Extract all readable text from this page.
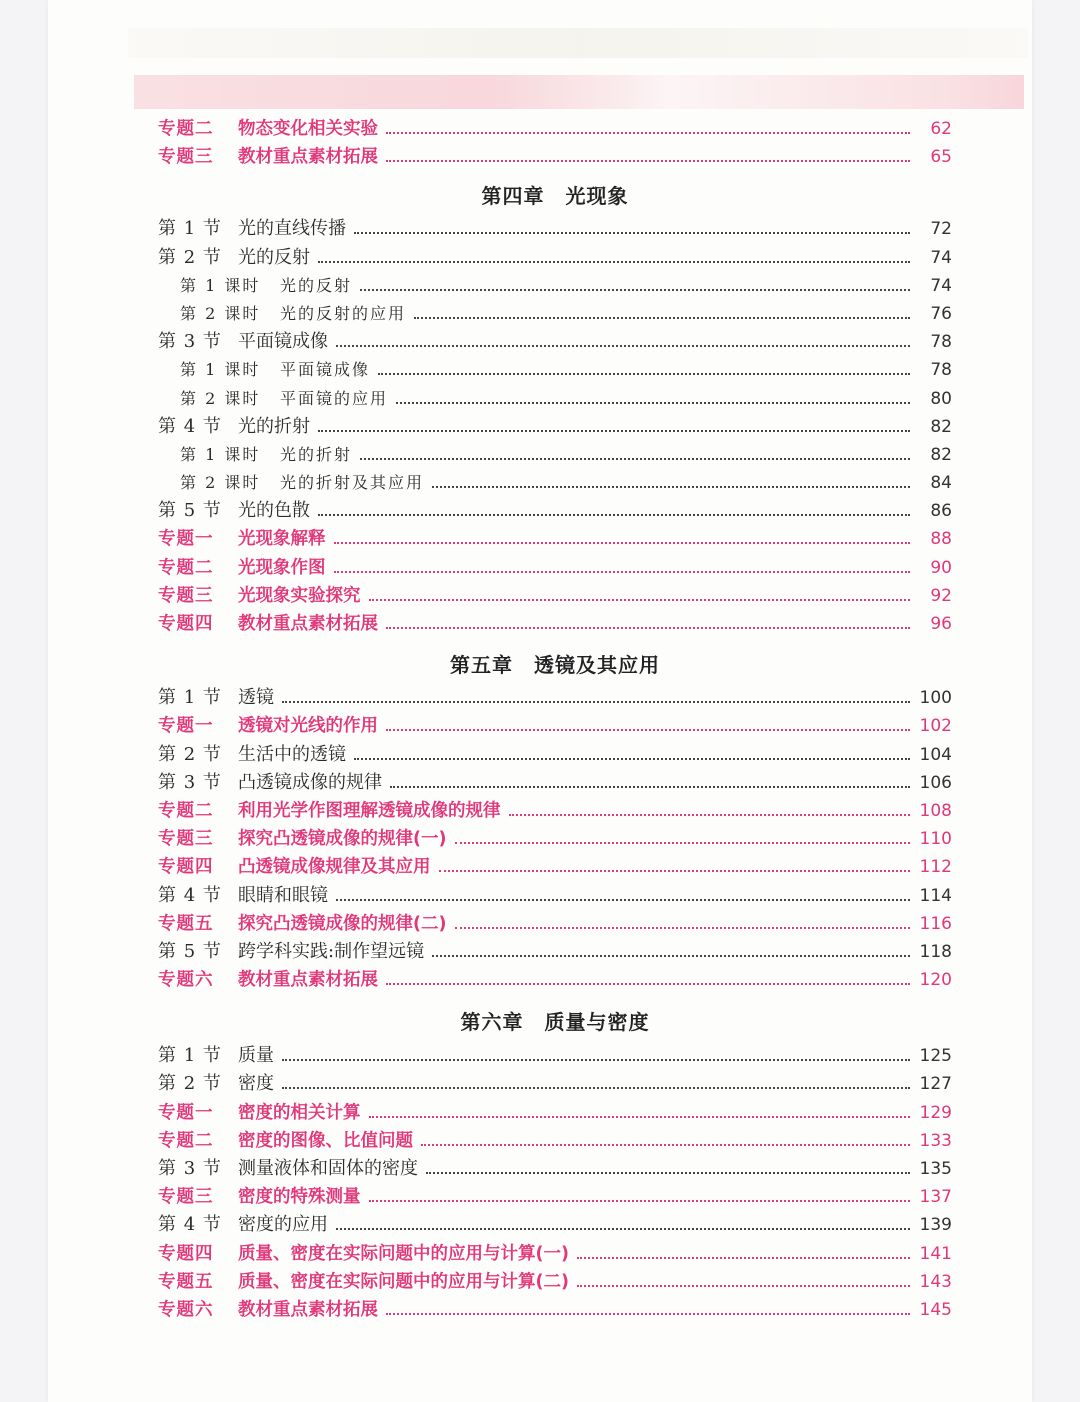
专题二	物态变化相关实验	62
专题三	教材重点素材拓展	65
第四章　光现象
第 1 节 光的直线传播	72
第 2 节 光的反射	74
第 1 课时	光的反射	74
第 2 课时	光的反射的应用	76
第 3 节 平面镜成像	78
第 1 课时	平面镜成像	78
第 2 课时	平面镜的应用	80
第 4 节 光的折射	82
第 1 课时	光的折射	82
第 2 课时	光的折射及其应用	84
第 5 节 光的色散	86
专题一	光现象解释	88
专题二	光现象作图	90
专题三	光现象实验探究	92
专题四	教材重点素材拓展	96
第五章　透镜及其应用
第 1 节 透镜	100
专题一	透镜对光线的作用	102
第 2 节 生活中的透镜	104
第 3 节 凸透镜成像的规律	106
专题二	利用光学作图理解透镜成像的规律	108
专题三	探究凸透镜成像的规律(一)	110
专题四	凸透镜成像规律及其应用	112
第 4 节 眼睛和眼镜	114
专题五	探究凸透镜成像的规律(二)	116
第 5 节 跨学科实践:制作望远镜	118
专题六	教材重点素材拓展	120
第六章　质量与密度
第 1 节 质量	125
第 2 节 密度	127
专题一	密度的相关计算	129
专题二	密度的图像、比值问题	133
第 3 节 测量液体和固体的密度	135
专题三	密度的特殊测量	137
第 4 节 密度的应用	139
专题四	质量、密度在实际问题中的应用与计算(一)	141
专题五	质量、密度在实际问题中的应用与计算(二)	143
专题六	教材重点素材拓展	145
